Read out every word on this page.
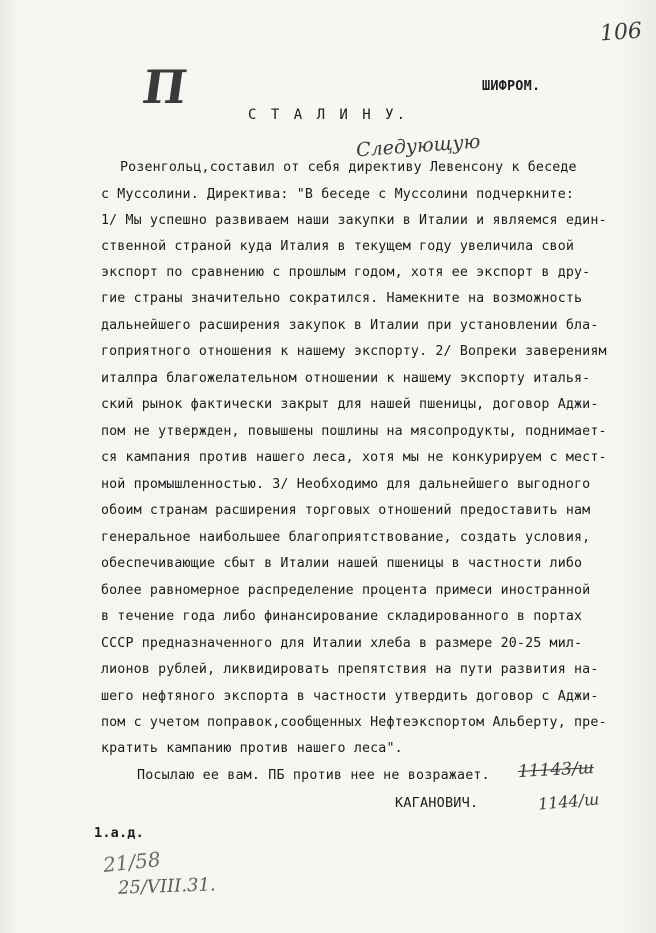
106
П	ШИФРОМ.
С Т А Л И Н У.
Следующую
Розенгольц,составил от себя директиву Левенсону к беседе
с Муссолини. Директива: "В беседе с Муссолини подчеркните:
1/ Мы успешно развиваем наши закупки в Италии и являемся един-
ственной страной куда Италия в текущем году увеличила свой
экспорт по сравнению с прошлым годом, хотя ее экспорт в дру-
гие страны значительно сократился. Намекните на возможность
дальнейшего расширения закупок в Италии при установлении бла-
гоприятного отношения к нашему экспорту. 2/ Вопреки заверениям
италпра благожелательном отношении к нашему экспорту италья-
ский рынок фактически закрыт для нашей пшеницы, договор Аджи-
пом не утвержден, повышены пошлины на мясопродукты, поднимает-
ся кампания против нашего леса, хотя мы не конкурируем с мест-
ной промышленностью. 3/ Необходимо для дальнейшего выгодного
обоим странам расширения торговых отношений предоставить нам
генеральное наибольшее благоприятствование, создать условия,
обеспечивающие сбыт в Италии нашей пшеницы в частности либо
более равномерное распределение процента примеси иностранной
в течение года либо финансирование складированного в портах
СССР предназначенного для Италии хлеба в размере 20-25 мил-
лионов рублей, ликвидировать препятствия на пути развития на-
шего нефтяного экспорта в частности утвердить договор с Аджи-
пом с учетом поправок,сообщенных Нефтеэкспортом Альберту, пре-
кратить кампанию против нашего леса".
Посылаю ее вам. ПБ против нее не возражает. 11143/ш
1144/ш
КАГАНОВИЧ.
1.а.д.
21/58
25/VIII.31.
